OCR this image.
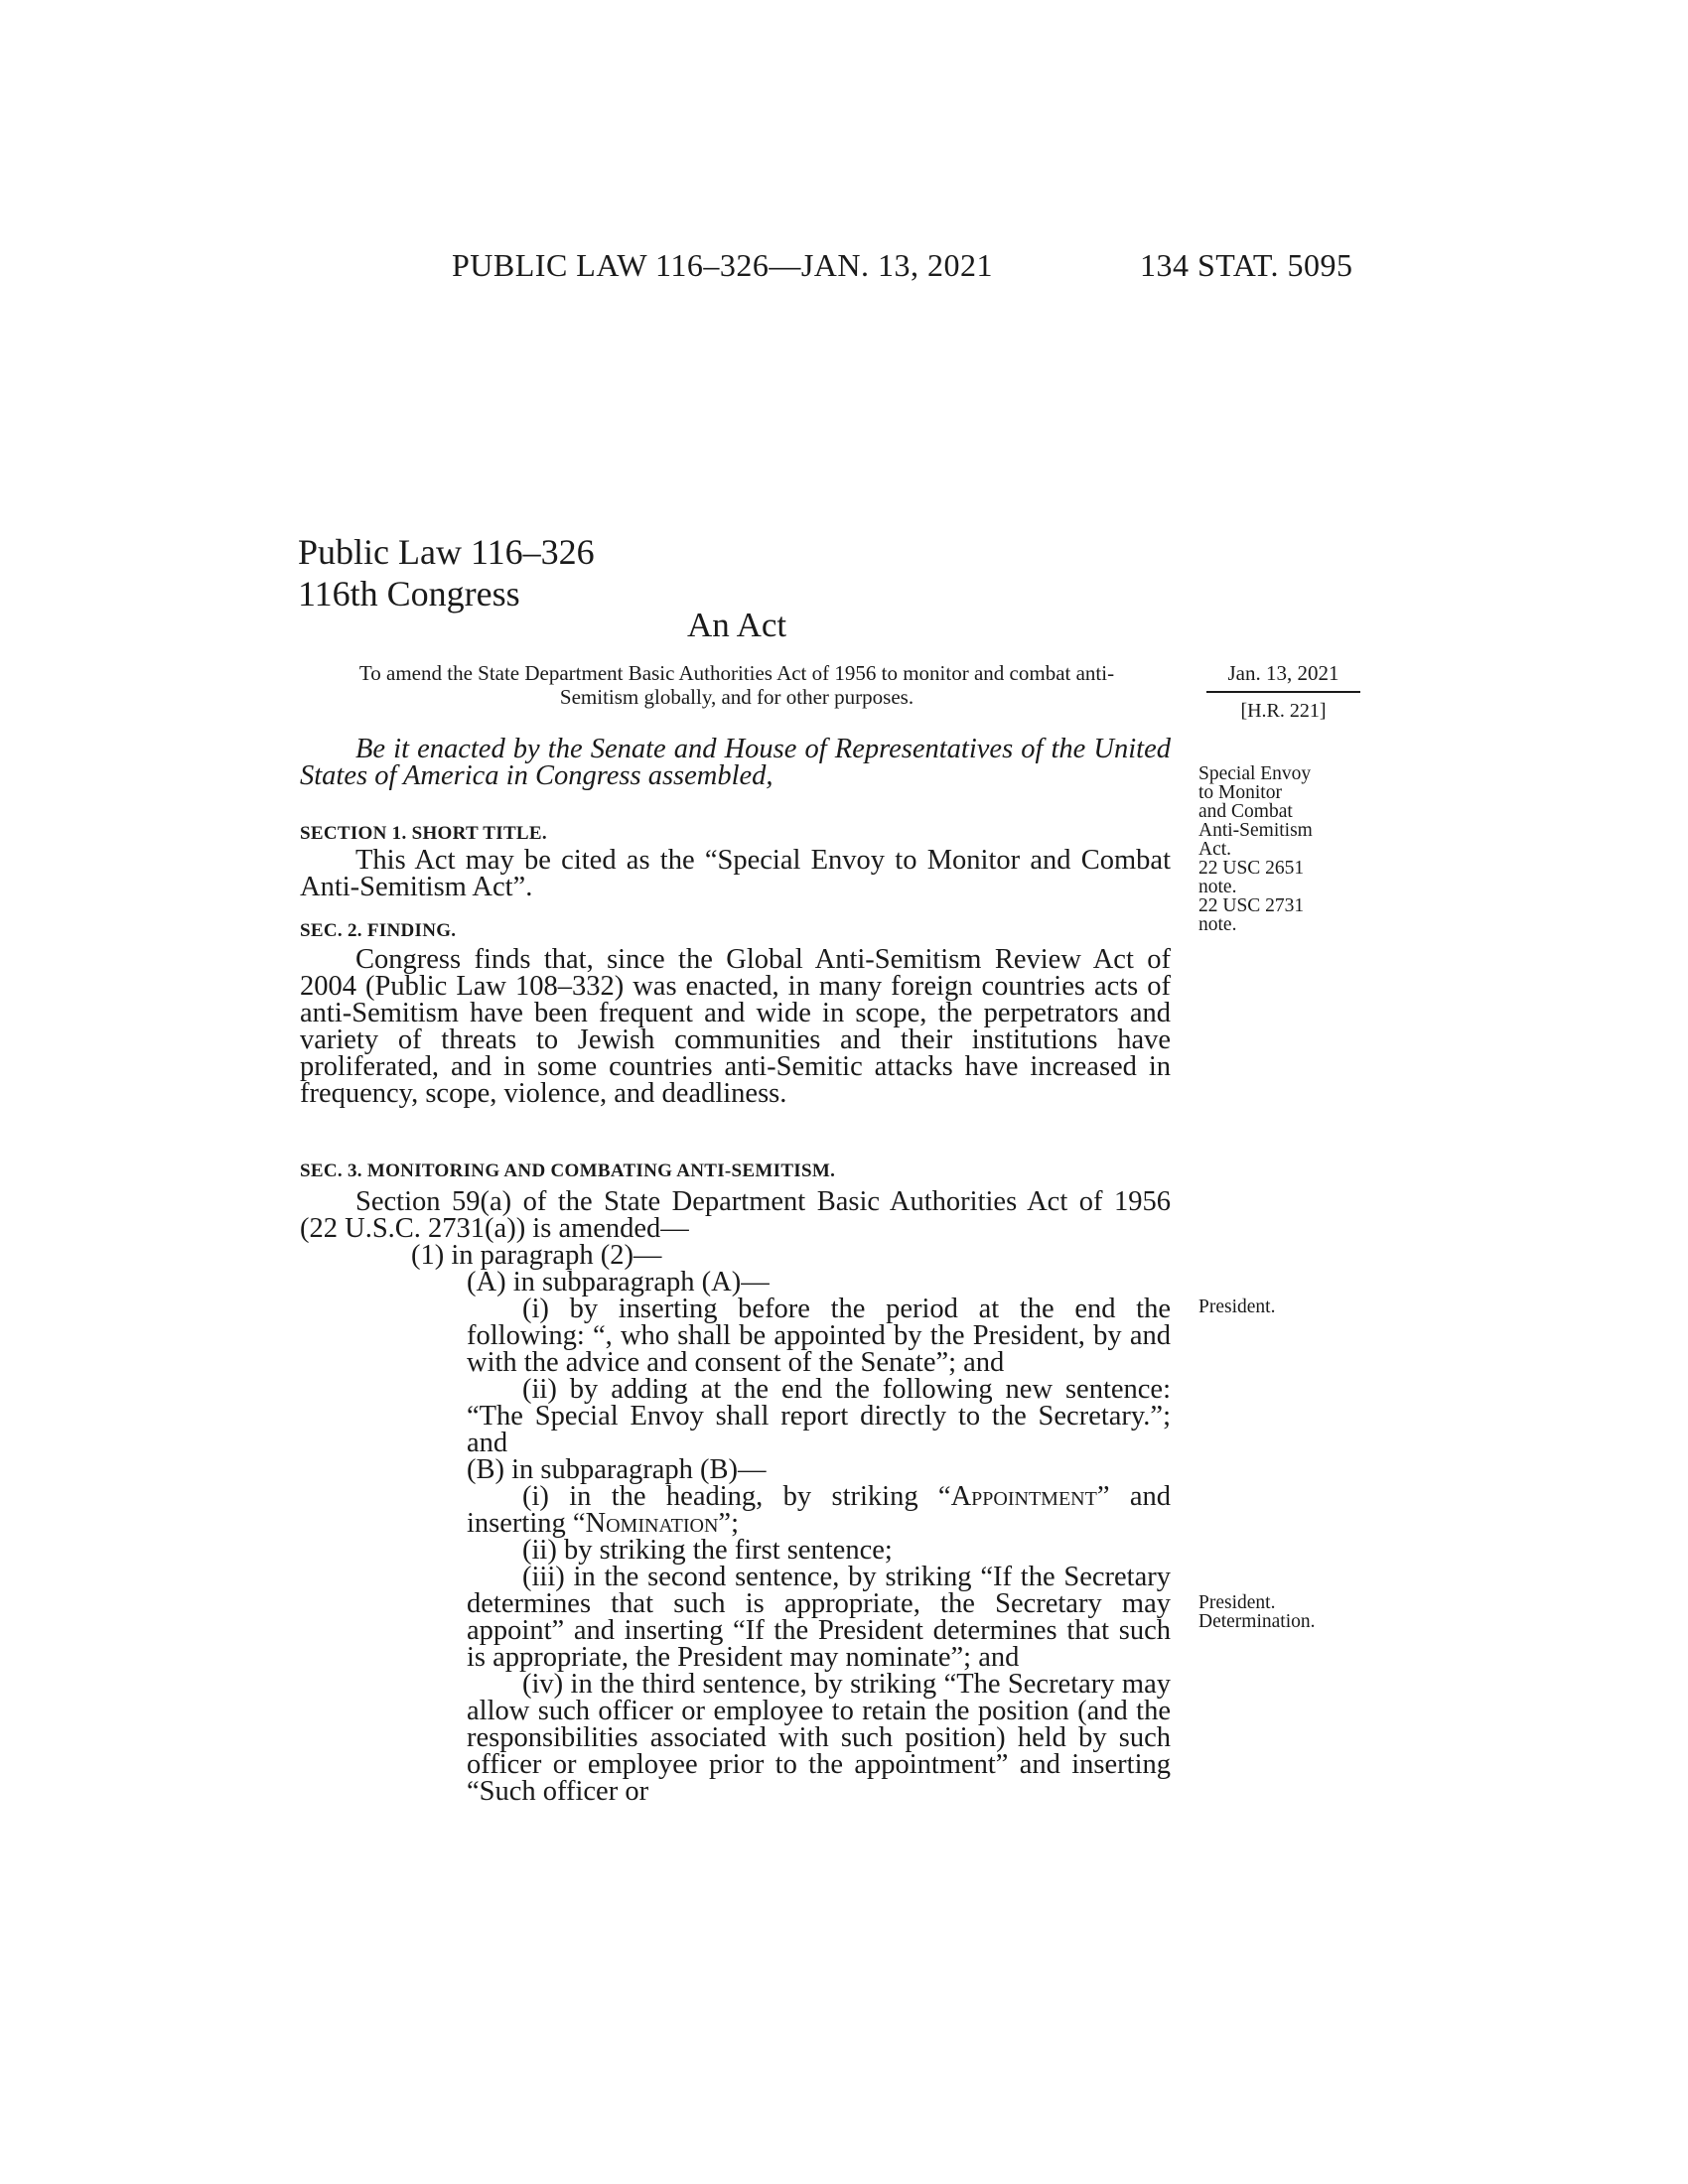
PUBLIC LAW 116–326—JAN. 13, 2021	134 STAT. 5095
Public Law 116–326
116th Congress
An Act
To amend the State Department Basic Authorities Act of 1956 to monitor and combat anti-Semitism globally, and for other purposes.
Jan. 13, 2021
[H.R. 221]

Be it enacted by the Senate and House of Representatives of the United States of America in Congress assembled,

SECTION 1. SHORT TITLE.

This Act may be cited as the “Special Envoy to Monitor and Combat Anti-Semitism Act”.

SEC. 2. FINDING.

Congress finds that, since the Global Anti-Semitism Review Act of 2004 (Public Law 108–332) was enacted, in many foreign countries acts of anti-Semitism have been frequent and wide in scope, the perpetrators and variety of threats to Jewish communities and their institutions have proliferated, and in some countries anti-Semitic attacks have increased in frequency, scope, violence, and deadliness.

SEC. 3. MONITORING AND COMBATING ANTI-SEMITISM.

Section 59(a) of the State Department Basic Authorities Act of 1956 (22 U.S.C. 2731(a)) is amended—

(1) in paragraph (2)—

(A) in subparagraph (A)—

(i) by inserting before the period at the end the following: “, who shall be appointed by the President, by and with the advice and consent of the Senate”; and

(ii) by adding at the end the following new sentence: “The Special Envoy shall report directly to the Secretary.”; and

(B) in subparagraph (B)—

(i) in the heading, by striking “Appointment” and inserting “Nomination”;

(ii) by striking the first sentence;

(iii) in the second sentence, by striking “If the Secretary determines that such is appropriate, the Secretary may appoint” and inserting “If the President determines that such is appropriate, the President may nominate”; and

(iv) in the third sentence, by striking “The Secretary may allow such officer or employee to retain the position (and the responsibilities associated with such position) held by such officer or employee prior to the appointment” and inserting “Such officer or

Special Envoy
to Monitor
and Combat
Anti-Semitism
Act.
22 USC 2651
note.
22 USC 2731
note.
President.
President.
Determination.
